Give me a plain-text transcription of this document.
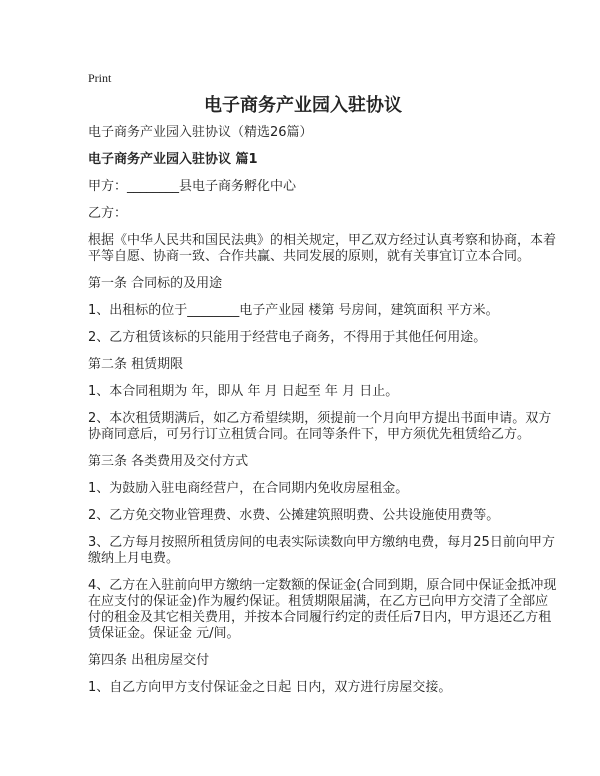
Print
电子商务产业园入驻协议

电子商务产业园入驻协议（精选26篇）

电子商务产业园入驻协议 篇1

甲方：________县电子商务孵化中心

乙方：

根据《中华人民共和国民法典》的相关规定，甲乙双方经过认真考察和协商，本着
平等自愿、协商一致、合作共赢、共同发展的原则，就有关事宜订立本合同。

第一条 合同标的及用途

1、出租标的位于________电子产业园 楼第 号房间，建筑面积 平方米。

2、乙方租赁该标的只能用于经营电子商务，不得用于其他任何用途。

第二条 租赁期限

1、本合同租期为 年，即从 年 月 日起至 年 月 日止。

2、本次租赁期满后，如乙方希望续期，须提前一个月向甲方提出书面申请。双方
协商同意后，可另行订立租赁合同。在同等条件下，甲方须优先租赁给乙方。

第三条 各类费用及交付方式

1、为鼓励入驻电商经营户，在合同期内免收房屋租金。

2、乙方免交物业管理费、水费、公摊建筑照明费、公共设施使用费等。

3、乙方每月按照所租赁房间的电表实际读数向甲方缴纳电费，每月25日前向甲方
缴纳上月电费。

4、乙方在入驻前向甲方缴纳一定数额的保证金(合同到期，原合同中保证金抵冲现
在应支付的保证金)作为履约保证。租赁期限届满，在乙方已向甲方交清了全部应
付的租金及其它相关费用，并按本合同履行约定的责任后7日内，甲方退还乙方租
赁保证金。保证金 元/间。

第四条 出租房屋交付

1、自乙方向甲方支付保证金之日起 日内，双方进行房屋交接。
